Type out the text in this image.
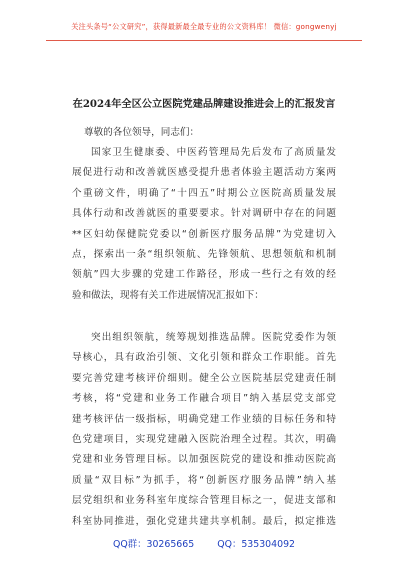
关注头条号“公文研究”，获得最新最全最专业的公文资料库！ 微信：gongwenyj
在2024年全区公立医院党建品牌建设推进会上的汇报发言
尊敬的各位领导，同志们：
国家卫生健康委、中医药管理局先后发布了高质量发
展促进行动和改善就医感受提升患者体验主题活动方案两
个重磅文件，明确了“十四五”时期公立医院高质量发展
具体行动和改善就医的重要要求。针对调研中存在的问题
**区妇幼保健院党委以“创新医疗服务品牌”为党建切入
点，探索出一条“组织领航、先锋领航、思想领航和机制
领航”四大步骤的党建工作路径，形成一些行之有效的经
验和做法，现将有关工作进展情况汇报如下：
突出组织领航，统筹规划推选品牌。医院党委作为领
导核心，具有政治引领、文化引领和群众工作职能。首先
要完善党建考核评价细则。健全公立医院基层党建责任制
考核，将“党建和业务工作融合项目”纳入基层党支部党
建考核评估一级指标，明确党建工作业绩的目标任务和特
色党建项目，实现党建融入医院治理全过程。其次，明确
党建和业务管理目标。以加强医院党的建设和推动医院高
质量“双目标”为抓手，将“创新医疗服务品牌”纳入基
层党组织和业务科室年度综合管理目标之一，促进支部和
科室协同推进，强化党建共建共享机制。最后，拟定推选
QQ群：30265665 QQ：535304092
